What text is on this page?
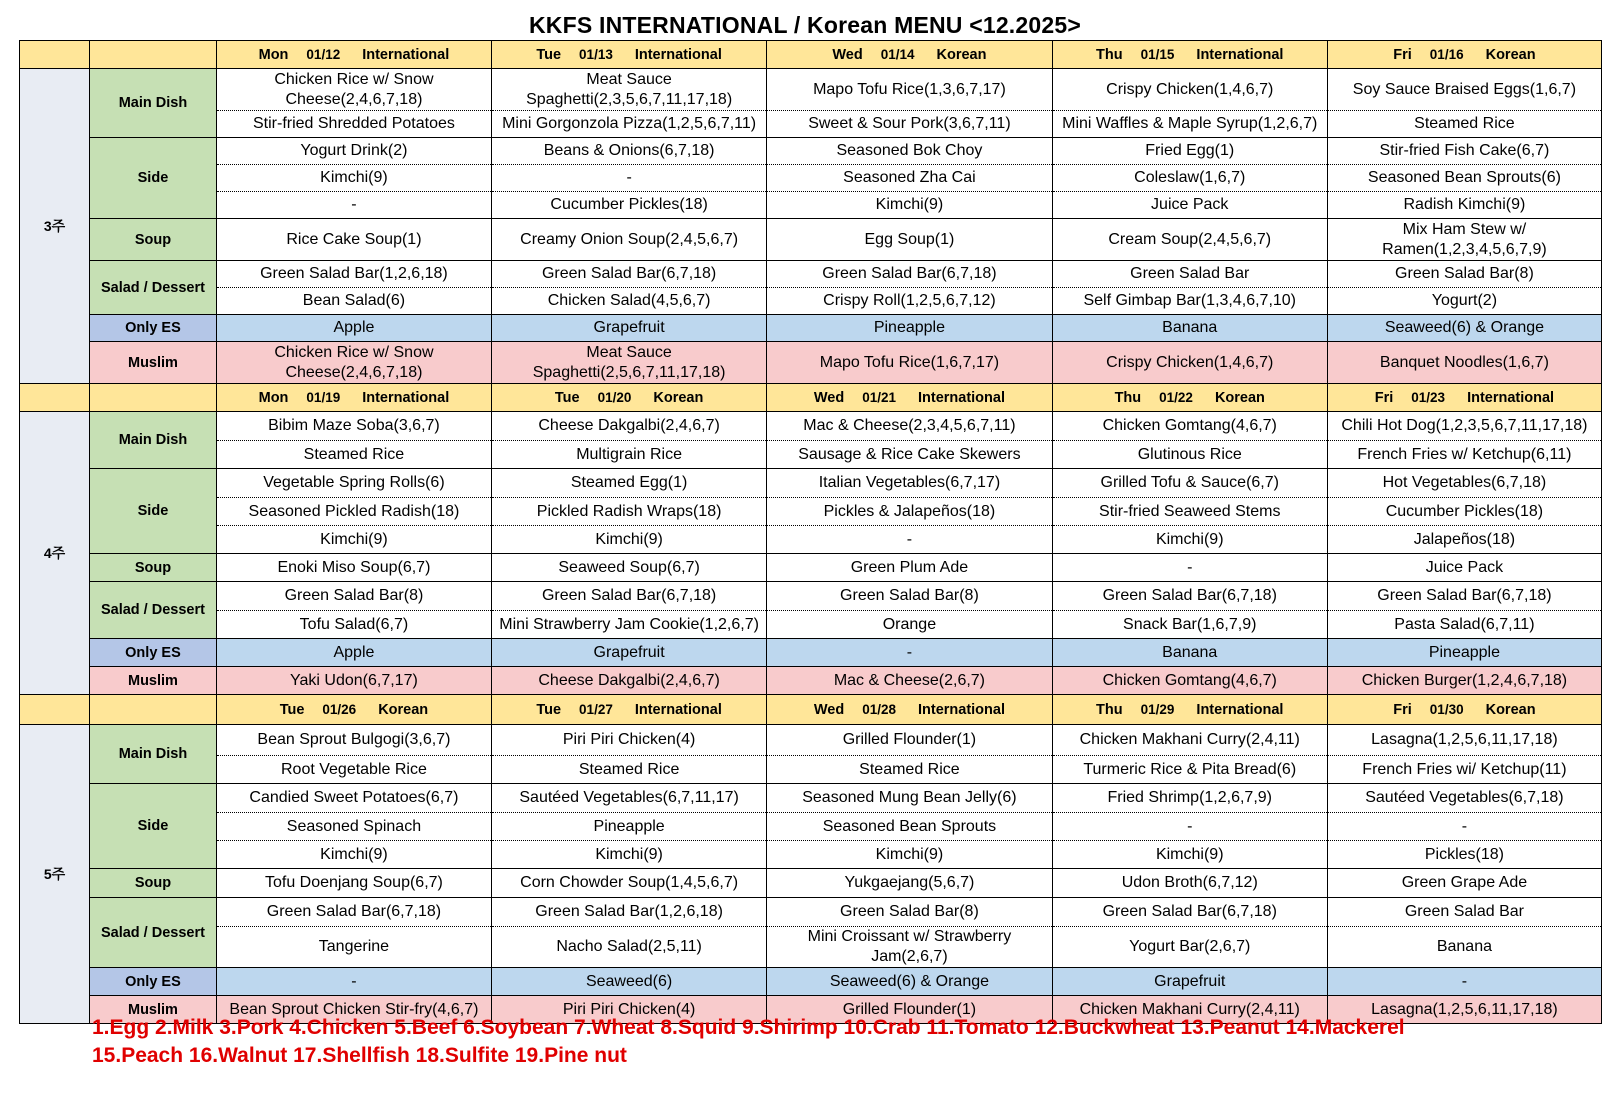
KKFS INTERNATIONAL / Korean MENU <12.2025>
		Mon 01/12 International	Tue 01/13 International	Wed 01/14 Korean	Thu 01/15 International	Fri 01/16 Korean
3주	Main Dish	Chicken Rice w/ Snow Cheese(2,4,6,7,18)	Meat Sauce Spaghetti(2,3,5,6,7,11,17,18)	Mapo Tofu Rice(1,3,6,7,17)	Crispy Chicken(1,4,6,7)	Soy Sauce Braised Eggs(1,6,7)
		Stir-fried Shredded Potatoes	Mini Gorgonzola Pizza(1,2,5,6,7,11)	Sweet & Sour Pork(3,6,7,11)	Mini Waffles & Maple Syrup(1,2,6,7)	Steamed Rice
	Side	Yogurt Drink(2)	Beans & Onions(6,7,18)	Seasoned Bok Choy	Fried Egg(1)	Stir-fried Fish Cake(6,7)
		Kimchi(9)	-	Seasoned Zha Cai	Coleslaw(1,6,7)	Seasoned Bean Sprouts(6)
		-	Cucumber Pickles(18)	Kimchi(9)	Juice Pack	Radish Kimchi(9)
	Soup	Rice Cake Soup(1)	Creamy Onion Soup(2,4,5,6,7)	Egg Soup(1)	Cream Soup(2,4,5,6,7)	Mix Ham Stew w/ Ramen(1,2,3,4,5,6,7,9)
	Salad / Dessert	Green Salad Bar(1,2,6,18)	Green Salad Bar(6,7,18)	Green Salad Bar(6,7,18)	Green Salad Bar	Green Salad Bar(8)
		Bean Salad(6)	Chicken Salad(4,5,6,7)	Crispy Roll(1,2,5,6,7,12)	Self Gimbap Bar(1,3,4,6,7,10)	Yogurt(2)
	Only ES	Apple	Grapefruit	Pineapple	Banana	Seaweed(6) & Orange
	Muslim	Chicken Rice w/ Snow Cheese(2,4,6,7,18)	Meat Sauce Spaghetti(2,5,6,7,11,17,18)	Mapo Tofu Rice(1,6,7,17)	Crispy Chicken(1,4,6,7)	Banquet Noodles(1,6,7)
		Mon 01/19 International	Tue 01/20 Korean	Wed 01/21 International	Thu 01/22 Korean	Fri 01/23 International
4주	Main Dish	Bibim Maze Soba(3,6,7)	Cheese Dakgalbi(2,4,6,7)	Mac & Cheese(2,3,4,5,6,7,11)	Chicken Gomtang(4,6,7)	Chili Hot Dog(1,2,3,5,6,7,11,17,18)
		Steamed Rice	Multigrain Rice	Sausage & Rice Cake Skewers	Glutinous Rice	French Fries w/ Ketchup(6,11)
	Side	Vegetable Spring Rolls(6)	Steamed Egg(1)	Italian Vegetables(6,7,17)	Grilled Tofu & Sauce(6,7)	Hot Vegetables(6,7,18)
		Seasoned Pickled Radish(18)	Pickled Radish Wraps(18)	Pickles & Jalapeños(18)	Stir-fried Seaweed Stems	Cucumber Pickles(18)
		Kimchi(9)	Kimchi(9)	-	Kimchi(9)	Jalapeños(18)
	Soup	Enoki Miso Soup(6,7)	Seaweed Soup(6,7)	Green Plum Ade	-	Juice Pack
	Salad / Dessert	Green Salad Bar(8)	Green Salad Bar(6,7,18)	Green Salad Bar(8)	Green Salad Bar(6,7,18)	Green Salad Bar(6,7,18)
		Tofu Salad(6,7)	Mini Strawberry Jam Cookie(1,2,6,7)	Orange	Snack Bar(1,6,7,9)	Pasta Salad(6,7,11)
	Only ES	Apple	Grapefruit	-	Banana	Pineapple
	Muslim	Yaki Udon(6,7,17)	Cheese Dakgalbi(2,4,6,7)	Mac & Cheese(2,6,7)	Chicken Gomtang(4,6,7)	Chicken Burger(1,2,4,6,7,18)
		Tue 01/26 Korean	Tue 01/27 International	Wed 01/28 International	Thu 01/29 International	Fri 01/30 Korean
5주	Main Dish	Bean Sprout Bulgogi(3,6,7)	Piri Piri Chicken(4)	Grilled Flounder(1)	Chicken Makhani Curry(2,4,11)	Lasagna(1,2,5,6,11,17,18)
		Root Vegetable Rice	Steamed Rice	Steamed Rice	Turmeric Rice & Pita Bread(6)	French Fries wi/ Ketchup(11)
	Side	Candied Sweet Potatoes(6,7)	Sautéed Vegetables(6,7,11,17)	Seasoned Mung Bean Jelly(6)	Fried Shrimp(1,2,6,7,9)	Sautéed Vegetables(6,7,18)
		Seasoned Spinach	Pineapple	Seasoned Bean Sprouts	-	-
		Kimchi(9)	Kimchi(9)	Kimchi(9)	Kimchi(9)	Pickles(18)
	Soup	Tofu Doenjang Soup(6,7)	Corn Chowder Soup(1,4,5,6,7)	Yukgaejang(5,6,7)	Udon Broth(6,7,12)	Green Grape Ade
	Salad / Dessert	Green Salad Bar(6,7,18)	Green Salad Bar(1,2,6,18)	Green Salad Bar(8)	Green Salad Bar(6,7,18)	Green Salad Bar
		Tangerine	Nacho Salad(2,5,11)	Mini Croissant w/ Strawberry Jam(2,6,7)	Yogurt Bar(2,6,7)	Banana
	Only ES	-	Seaweed(6)	Seaweed(6) & Orange	Grapefruit	-
	Muslim	Bean Sprout Chicken Stir-fry(4,6,7)	Piri Piri Chicken(4)	Grilled Flounder(1)	Chicken Makhani Curry(2,4,11)	Lasagna(1,2,5,6,11,17,18)
1.Egg 2.Milk 3.Pork 4.Chicken 5.Beef 6.Soybean 7.Wheat 8.Squid 9.Shirimp 10.Crab 11.Tomato 12.Buckwheat 13.Peanut 14.Mackerel
15.Peach 16.Walnut 17.Shellfish 18.Sulfite 19.Pine nut
